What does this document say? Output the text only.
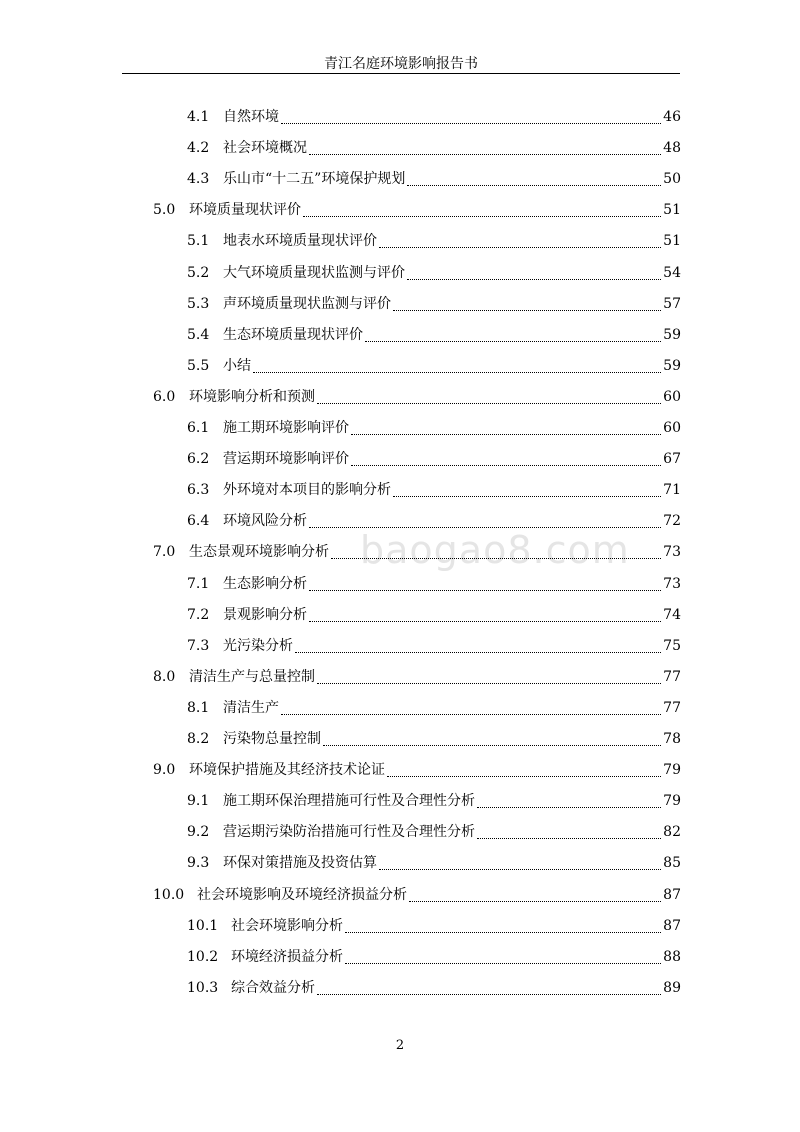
青江名庭环境影响报告书
baogao8.com
4.1 自然环境	46
4.2 社会环境概况	48
4.3 乐山市“十二五”环境保护规划	50
5.0 环境质量现状评价	51
5.1 地表水环境质量现状评价	51
5.2 大气环境质量现状监测与评价	54
5.3 声环境质量现状监测与评价	57
5.4 生态环境质量现状评价	59
5.5 小结	59
6.0 环境影响分析和预测	60
6.1 施工期环境影响评价	60
6.2 营运期环境影响评价	67
6.3 外环境对本项目的影响分析	71
6.4 环境风险分析	72
7.0 生态景观环境影响分析	73
7.1 生态影响分析	73
7.2 景观影响分析	74
7.3 光污染分析	75
8.0 清洁生产与总量控制	77
8.1 清洁生产	77
8.2 污染物总量控制	78
9.0 环境保护措施及其经济技术论证	79
9.1 施工期环保治理措施可行性及合理性分析	79
9.2 营运期污染防治措施可行性及合理性分析	82
9.3 环保对策措施及投资估算	85
10.0 社会环境影响及环境经济损益分析	87
10.1 社会环境影响分析	87
10.2 环境经济损益分析	88
10.3 综合效益分析	89
2
